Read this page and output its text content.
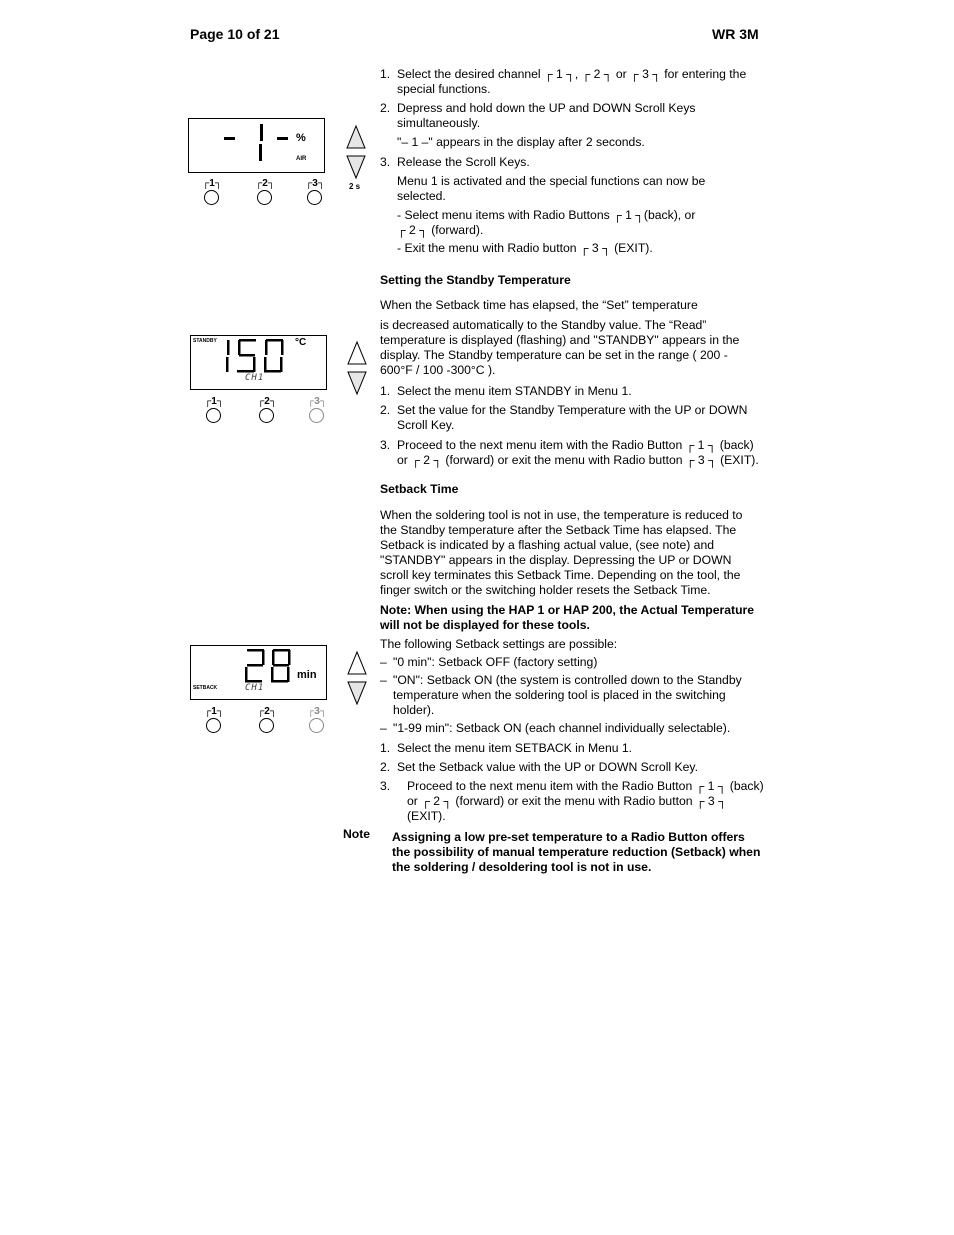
Page 10 of 21	WR 3M
%
AIR
2 s
┌1┐	┌2┐	┌3┐
STANDBY	°C
CH1
┌1┐	┌2┐	┌3┐
min
SETBACK	CH1
┌1┐	┌2┐	┌3┐
1. Select the desired channel ┌ 1 ┐, ┌ 2 ┐ or ┌ 3 ┐ for entering the special functions.
2. Depress and hold down the UP and DOWN Scroll Keys simultaneously.
"– 1 –" appears in the display after 2 seconds.
3. Release the Scroll Keys.
Menu 1 is activated and the special functions can now be selected.
- Select menu items with Radio Buttons ┌ 1 ┐(back), or ┌ 2 ┐ (forward).
- Exit the menu with Radio button ┌ 3 ┐ (EXIT).
Setting the Standby Temperature
When the Setback time has elapsed, the “Set” temperature
is decreased automatically to the Standby value. The “Read” temperature is displayed (flashing) and "STANDBY" appears in the display. The Standby temperature can be set in the range ( 200 - 600°F / 100 -300°C ).
1. Select the menu item STANDBY in Menu 1.
2. Set the value for the Standby Temperature with the UP or DOWN Scroll Key.
3. Proceed to the next menu item with the Radio Button ┌ 1 ┐ (back) or ┌ 2 ┐ (forward) or exit the menu with Radio button ┌ 3 ┐ (EXIT).
Setback Time
When the soldering tool is not in use, the temperature is reduced to the Standby temperature after the Setback Time has elapsed. The Setback is indicated by a flashing actual value, (see note) and "STANDBY" appears in the display. Depressing the UP or DOWN scroll key terminates this Setback Time. Depending on the tool, the finger switch or the switching holder resets the Setback Time.
Note: When using the HAP 1 or HAP 200, the Actual Temperature will not be displayed for these tools.
The following Setback settings are possible:
– "0 min": Setback OFF (factory setting)
– "ON": Setback ON (the system is controlled down to the Standby temperature when the soldering tool is placed in the switching holder).
– "1-99 min": Setback ON (each channel individually selectable).
1. Select the menu item SETBACK in Menu 1.
2. Set the Setback value with the UP or DOWN Scroll Key.
3.	Proceed to the next menu item with the Radio Button ┌ 1 ┐ (back) or ┌ 2 ┐ (forward) or exit the menu with Radio button ┌ 3 ┐ (EXIT).
Note Assigning a low pre-set temperature to a Radio Button offers the possibility of manual temperature reduction (Setback) when the soldering / desoldering tool is not in use.
